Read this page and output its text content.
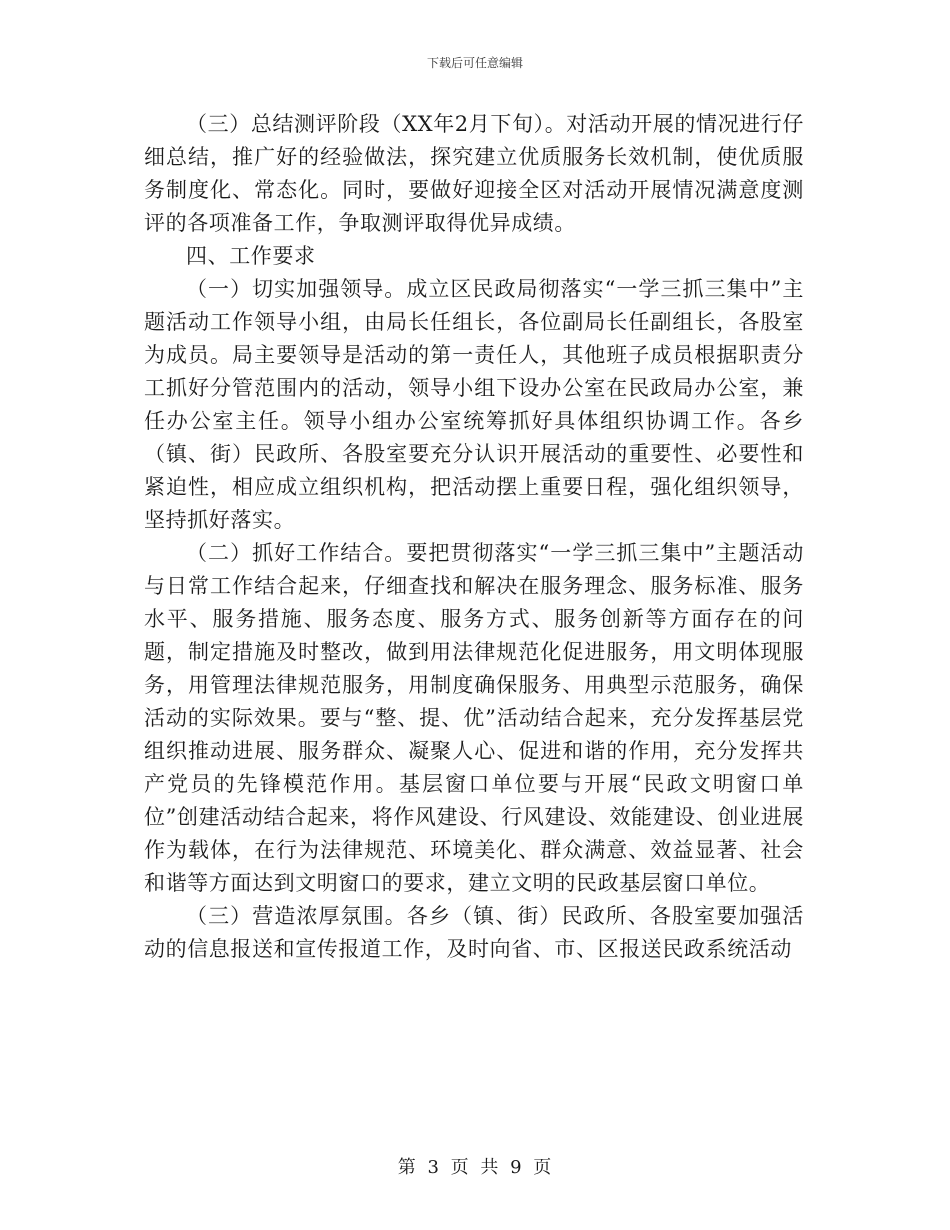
下载后可任意编辑

（三）总结测评阶段（XX年2月下旬）。对活动开展的情况进行仔细总结，推广好的经验做法，探究建立优质服务长效机制，使优质服务制度化、常态化。同时，要做好迎接全区对活动开展情况满意度测评的各项准备工作，争取测评取得优异成绩。

四、工作要求

（一）切实加强领导。成立区民政局彻落实“一学三抓三集中”主题活动工作领导小组，由局长任组长，各位副局长任副组长，各股室为成员。局主要领导是活动的第一责任人，其他班子成员根据职责分工抓好分管范围内的活动，领导小组下设办公室在民政局办公室，兼任办公室主任。领导小组办公室统筹抓好具体组织协调工作。各乡（镇、街）民政所、各股室要充分认识开展活动的重要性、必要性和紧迫性，相应成立组织机构，把活动摆上重要日程，强化组织领导，坚持抓好落实。

（二）抓好工作结合。要把贯彻落实“一学三抓三集中”主题活动与日常工作结合起来，仔细查找和解决在服务理念、服务标准、服务水平、服务措施、服务态度、服务方式、服务创新等方面存在的问题，制定措施及时整改，做到用法律规范化促进服务，用文明体现服务，用管理法律规范服务，用制度确保服务、用典型示范服务，确保活动的实际效果。要与“整、提、优”活动结合起来，充分发挥基层党组织推动进展、服务群众、凝聚人心、促进和谐的作用，充分发挥共产党员的先锋模范作用。基层窗口单位要与开展“民政文明窗口单位”创建活动结合起来，将作风建设、行风建设、效能建设、创业进展作为载体，在行为法律规范、环境美化、群众满意、效益显著、社会和谐等方面达到文明窗口的要求，建立文明的民政基层窗口单位。

（三）营造浓厚氛围。各乡（镇、街）民政所、各股室要加强活动的信息报送和宣传报道工作，及时向省、市、区报送民政系统活动

第 3 页 共 9 页
